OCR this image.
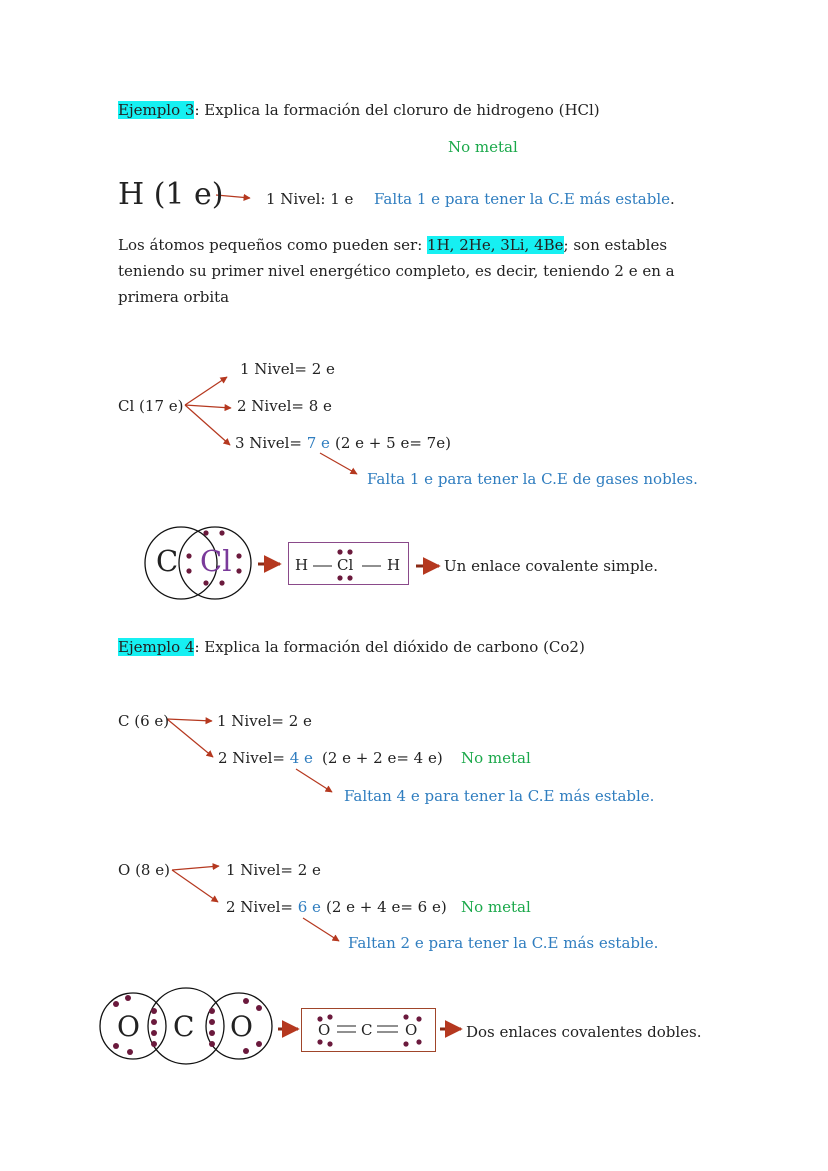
Ejemplo 3: Explica la formación del cloruro de hidrogeno (HCl)
No metal
H (1 e)	1 Nivel: 1 e Falta 1 e para tener la C.E más estable.
Los átomos pequeños como pueden ser: 1H, 2He, 3Li, 4Be; son estables teniendo su primer nivel energético completo, es decir, teniendo 2 e en a primera orbita
Cl (17 e)
1 Nivel= 2 e
2 Nivel= 8 e
3 Nivel= 7 e (2 e + 5 e= 7e)
Falta 1 e para tener la C.E de gases nobles.
C Cl	H Cl H	Un enlace covalente simple.
Ejemplo 4: Explica la formación del dióxido de carbono (Co2)
C (6 e)	1 Nivel= 2 e
2 Nivel= 4 e (2 e + 2 e= 4 e) No metal
Faltan 4 e para tener la C.E más estable.
O (8 e)	1 Nivel= 2 e
2 Nivel= 6 e (2 e + 4 e= 6 e) No metal
Faltan 2 e para tener la C.E más estable.
O C O	O C O	Dos enlaces covalentes dobles.
